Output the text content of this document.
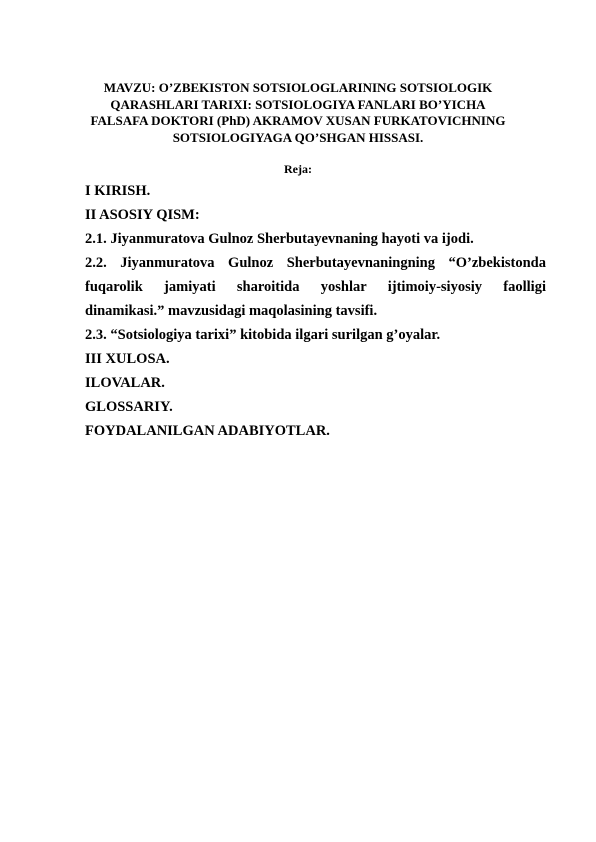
MAVZU: O’ZBEKISTON SOTSIOLOGLARINING SOTSIOLOGIK
QARASHLARI TARIXI: SOTSIOLOGIYA FANLARI BO’YICHA
FALSAFA DOKTORI (PhD) AKRAMOV XUSAN FURKATOVICHNING
SOTSIOLOGIYAGA QO’SHGAN HISSASI.
Reja:
I KIRISH.
II ASOSIY QISM:
2.1. Jiyanmuratova Gulnoz Sherbutayevnaning hayoti va ijodi.
2.2. Jiyanmuratova Gulnoz Sherbutayevnaningning “O’zbekistonda
fuqarolik jamiyati sharoitida yoshlar ijtimoiy-siyosiy faolligi
dinamikasi.” mavzusidagi maqolasining tavsifi.
2.3. “Sotsiologiya tarixi” kitobida ilgari surilgan g’oyalar.
III XULOSA.
ILOVALAR.
GLOSSARIY.
FOYDALANILGAN ADABIYOTLAR.
